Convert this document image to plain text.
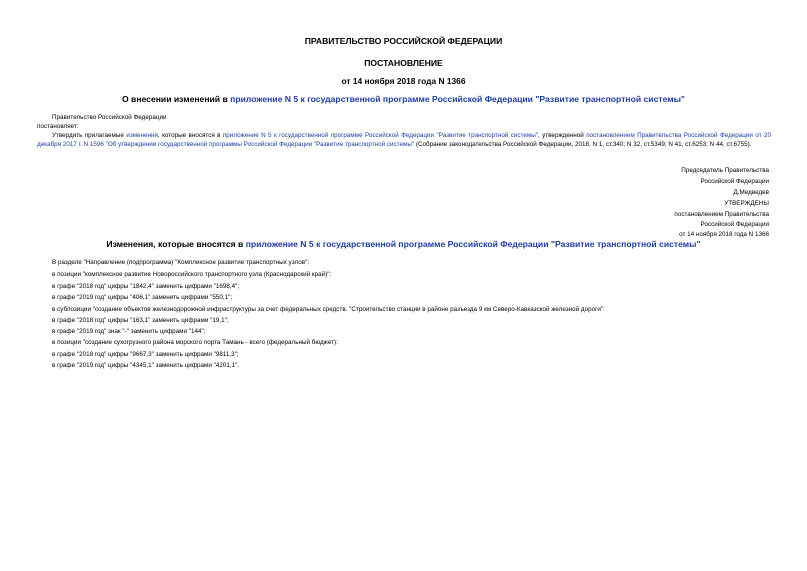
ПРАВИТЕЛЬСТВО РОССИЙСКОЙ ФЕДЕРАЦИИ
ПОСТАНОВЛЕНИЕ
от 14 ноября 2018 года N 1366
О внесении изменений в приложение N 5 к государственной программе Российской Федерации "Развитие транспортной системы"
Правительство Российской Федерации
постановляет:
Утвердить прилагаемые изменения, которые вносятся в приложение N 5 к государственной программе Российской Федерации "Развитие транспортной системы", утвержденной постановлением Правительства Российской Федерации от 20 декабря 2017 г. N 1596 "Об утверждении государственной программы Российской Федерации "Развитие транспортной системы" (Собрание законодательства Российской Федерации, 2018, N 1, ст.340; N 32, ст.5349; N 41, ст.6253; N 44, ст.6755).
Председатель Правительства
Российской Федерации
Д.Медведев
УТВЕРЖДЕНЫ
постановлением Правительства
Российской Федерации
от 14 ноября 2018 года N 1366
Изменения, которые вносятся в приложение N 5 к государственной программе Российской Федерации "Развитие транспортной системы"
В разделе "Направление (подпрограмма) "Комплексное развитие транспортных узлов":
в позиции "комплексное развитие Новороссийского транспортного узла (Краснодарский край)":
в графе "2018 год" цифры "1842,4" заменить цифрами "1698,4";
в графе "2019 год" цифры "406,1" заменить цифрами "550,1";
в субпозиции "создание объектов железнодорожной инфраструктуры за счет федеральных средств. "Строительство станции в районе разъезда 9 км Северо-Кавказской железной дороги":
в графе "2018 год" цифры "163,1" заменить цифрами "19,1";
в графе "2019 год" знак "-" заменить цифрами "144";
в позиции "создание сухогрузного района морского порта Тамань - всего (федеральный бюджет):
в графе "2018 год" цифры "9667,3" заменить цифрами "9811,3";
в графе "2019 год" цифры "4345,1" заменить цифрами "4201,1".
